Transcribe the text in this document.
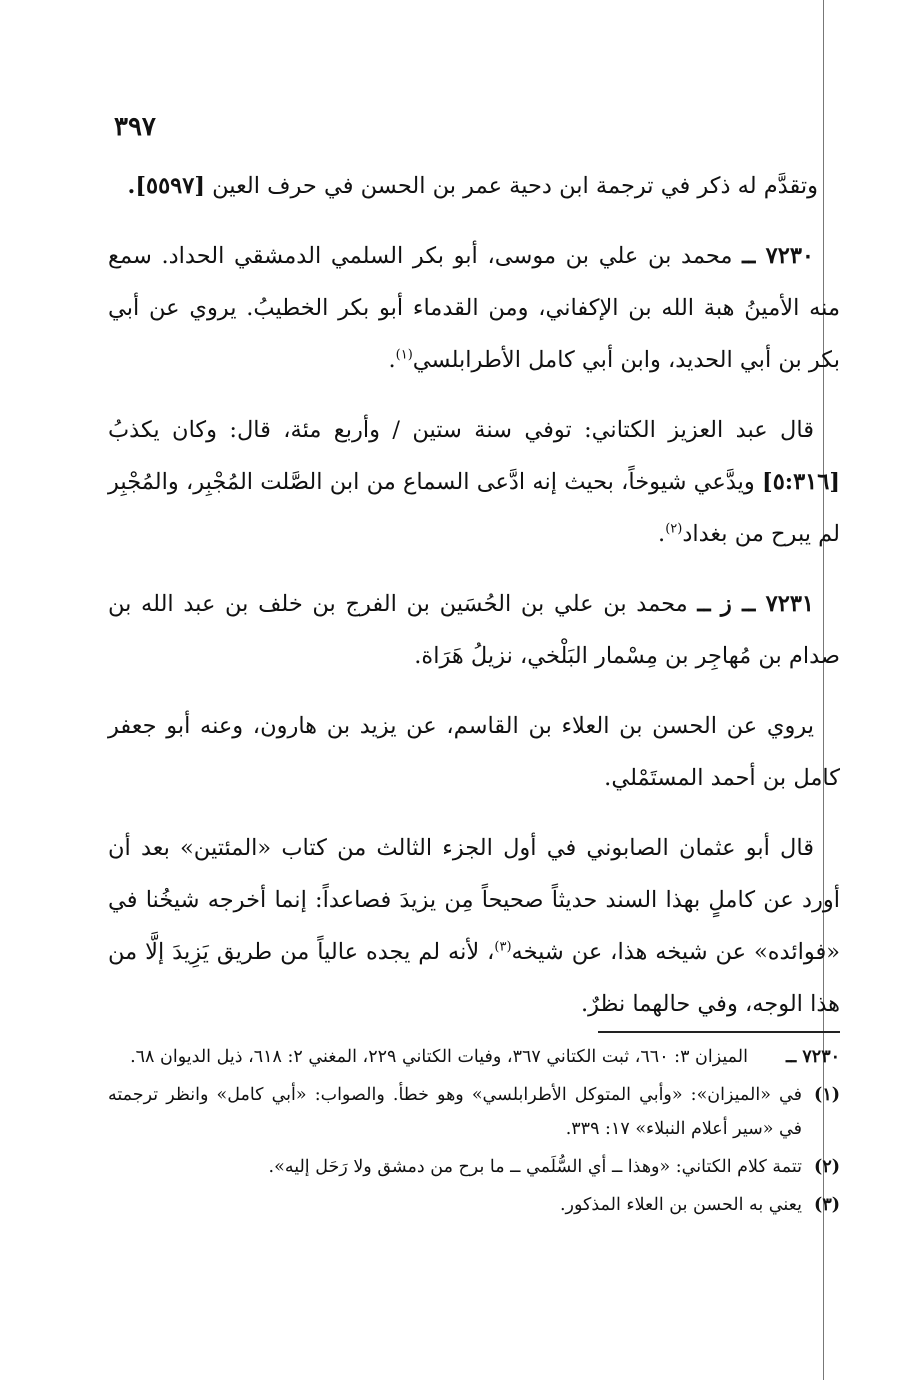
٣٩٧

وتقدَّم له ذكر في ترجمة ابن دحية عمر بن الحسن في حرف العين [٥٥٩٧].

٧٢٣٠ ــ محمد بن علي بن موسى، أبو بكر السلمي الدمشقي الحداد. سمع منه الأمينُ هبة الله بن الإكفاني، ومن القدماء أبو بكر الخطيبُ. يروي عن أبي بكر بن أبي الحديد، وابن أبي كامل الأطرابلسي$^{(١)}$.

قال عبد العزيز الكتاني: توفي سنة ستين / وأربع مئة، قال: وكان يكذبُ [٥:٣١٦] ويدَّعي شيوخاً، بحيث إنه ادَّعى السماع من ابن الصَّلت المُجْبِر، والمُجْبِر لم يبرح من بغداد$^{(٢)}$.

٧٢٣١ ــ ز ــ محمد بن علي بن الحُسَين بن الفرج بن خلف بن عبد الله بن صدام بن مُهاجِر بن مِسْمار البَلْخي، نزيلُ هَرَاة.

يروي عن الحسن بن العلاء بن القاسم، عن يزيد بن هارون، وعنه أبو جعفر كامل بن أحمد المستَمْلي.

قال أبو عثمان الصابوني في أول الجزء الثالث من كتاب «المئتين» بعد أن أورد عن كاملٍ بهذا السند حديثاً صحيحاً مِن يزيدَ فصاعداً: إنما أخرجه شيخُنا في «فوائده» عن شيخه هذا، عن شيخه$^{(٣)}$، لأنه لم يجده عالياً من طريق يَزِيدَ إلَّا من هذا الوجه، وفي حالهما نظرٌ.

٧٢٣٠ ــ
الميزان ٣: ٦٦٠، ثبت الكتاني ٣٦٧، وفيات الكتاني ٢٢٩، المغني ٢: ٦١٨، ذيل الديوان ٦٨.
(١)
في «الميزان»: «وأبي المتوكل الأطرابلسي» وهو خطأ. والصواب: «أبي كامل» وانظر ترجمته في «سير أعلام النبلاء» ١٧: ٣٣٩.
(٢)
تتمة كلام الكتاني: «وهذا ــ أي السُّلَمي ــ ما برح من دمشق ولا رَحَل إليه».
(٣)
يعني به الحسن بن العلاء المذكور.
